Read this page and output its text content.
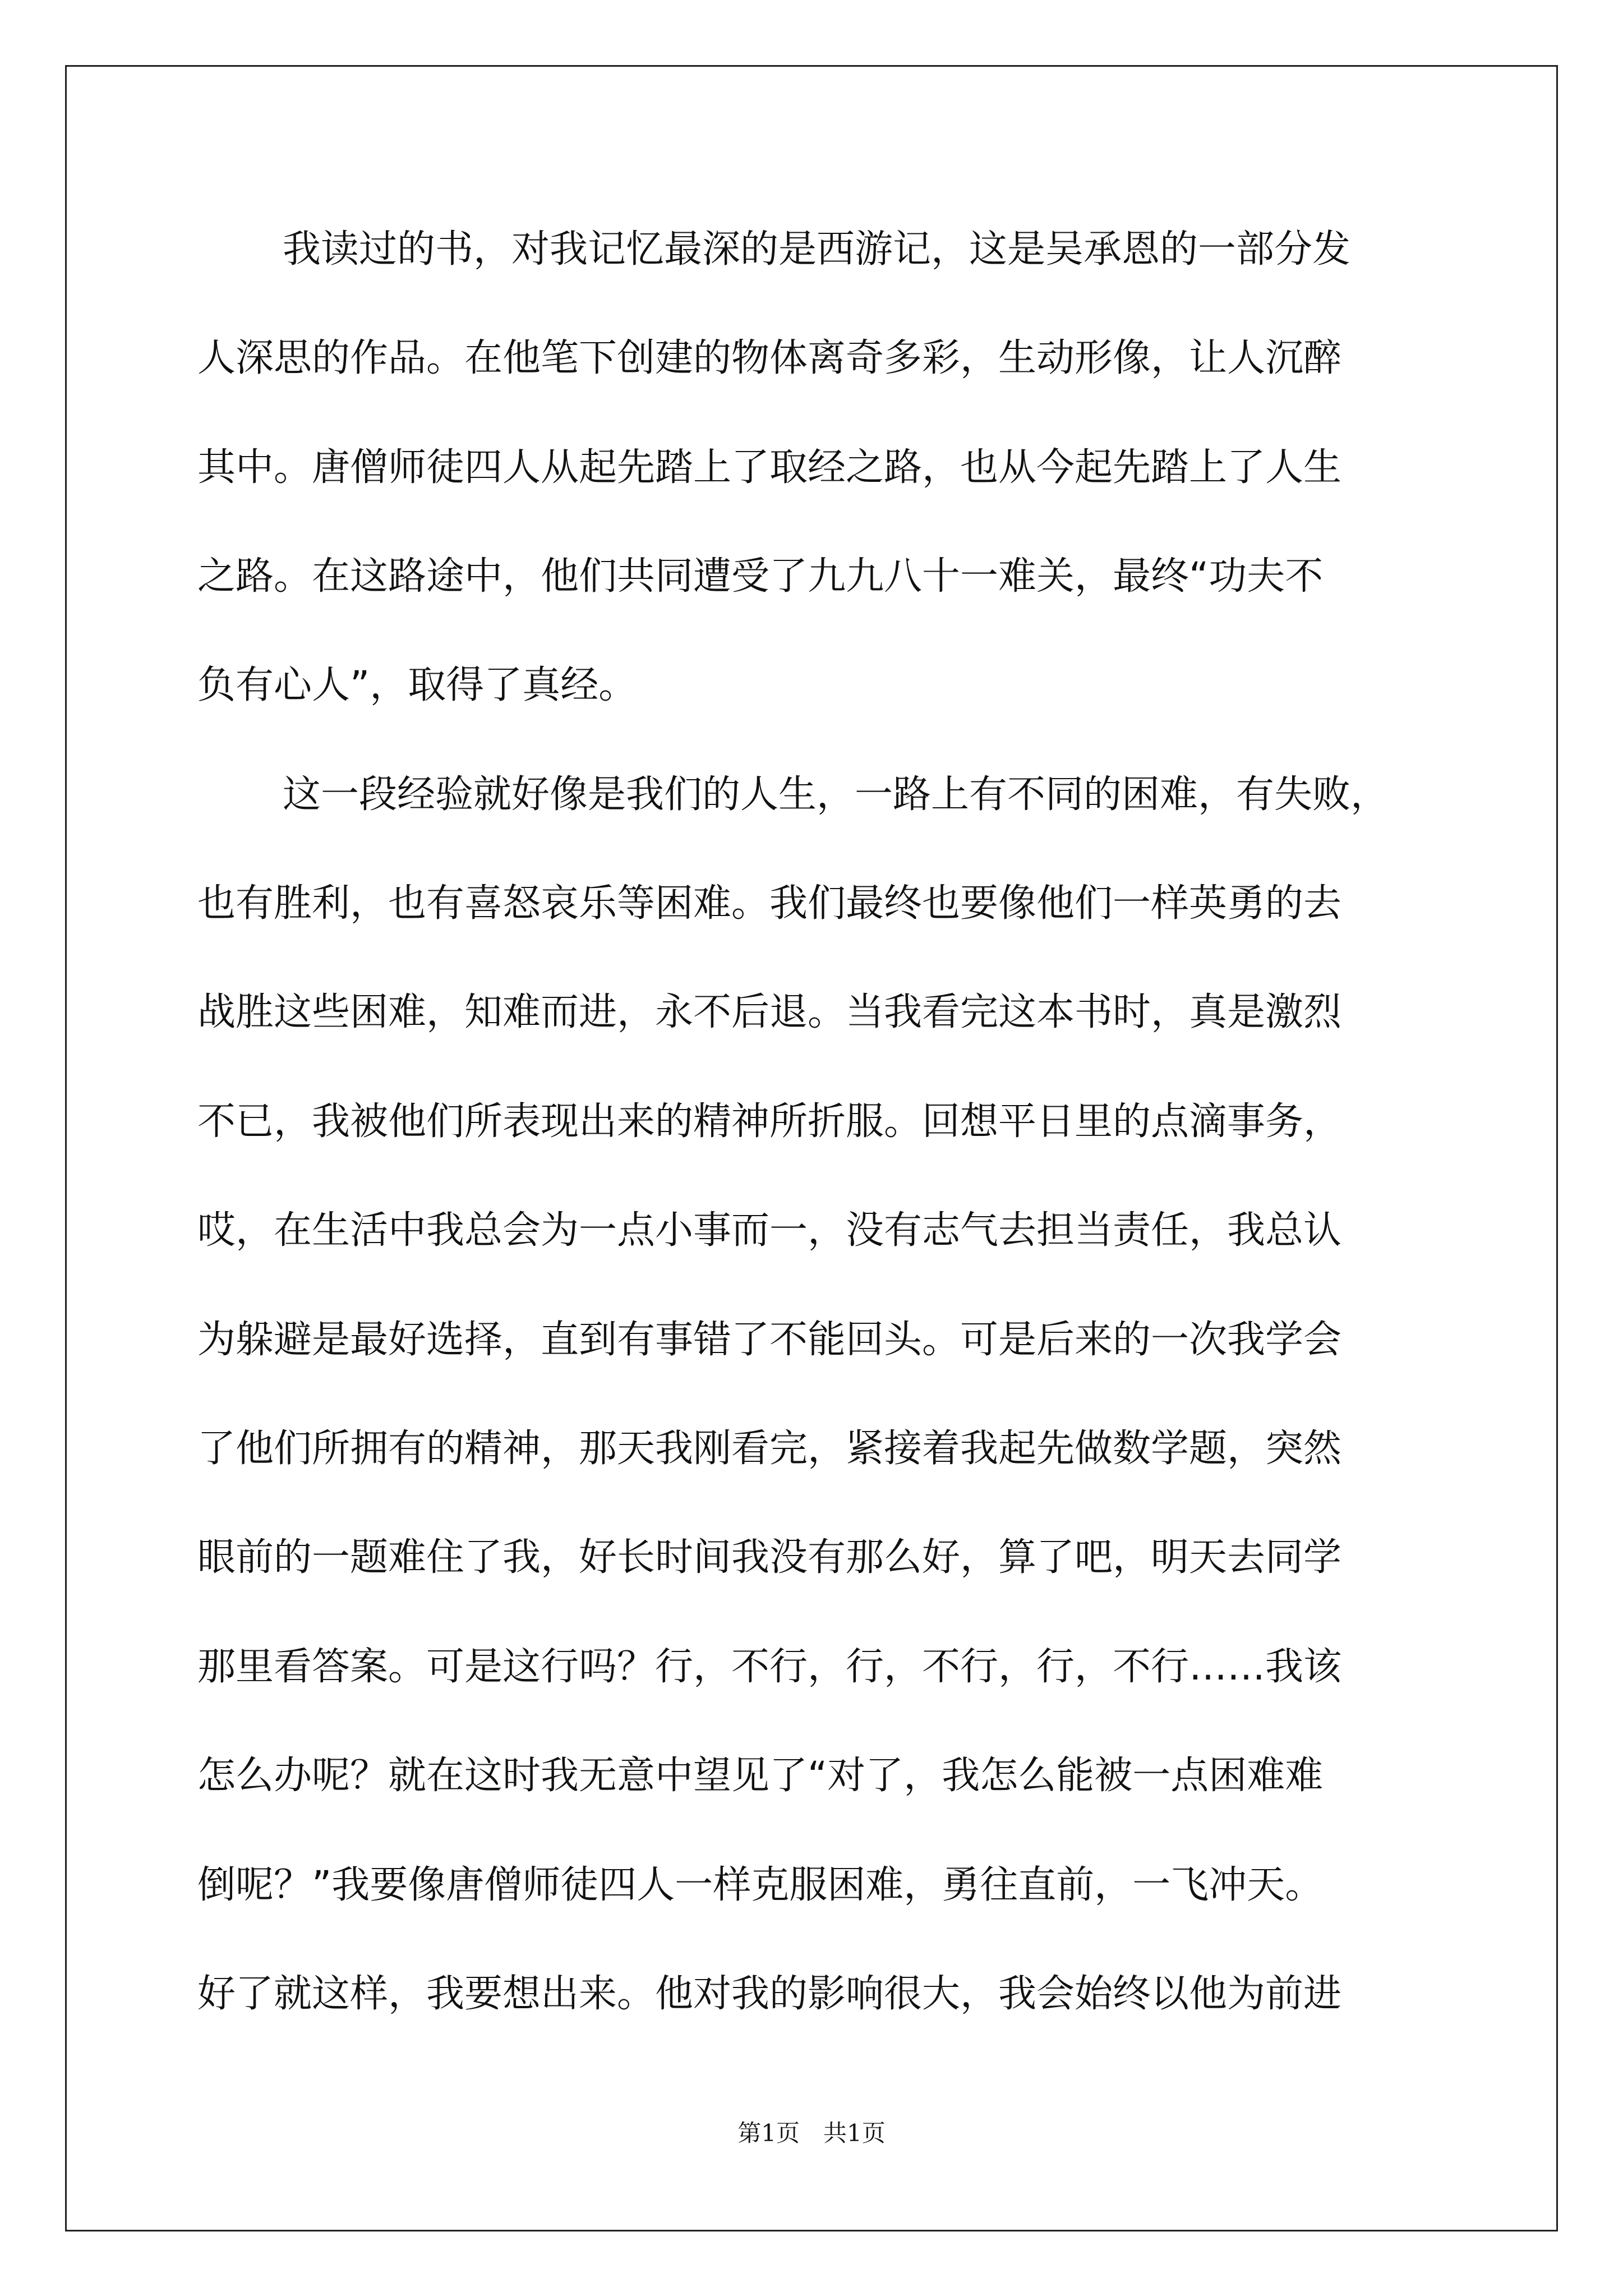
我读过的书，对我记忆最深的是西游记，这是吴承恩的一部分发
人深思的作品。在他笔下创建的物体离奇多彩，生动形像，让人沉醉
其中。唐僧师徒四人从起先踏上了取经之路，也从今起先踏上了人生
之路。在这路途中，他们共同遭受了九九八十一难关，最终“功夫不
负有心人”，取得了真经。
这一段经验就好像是我们的人生，一路上有不同的困难，有失败，
也有胜利，也有喜怒哀乐等困难。我们最终也要像他们一样英勇的去
战胜这些困难，知难而进，永不后退。当我看完这本书时，真是激烈
不已，我被他们所表现出来的精神所折服。回想平日里的点滴事务，
哎，在生活中我总会为一点小事而一，没有志气去担当责任，我总认
为躲避是最好选择，直到有事错了不能回头。可是后来的一次我学会
了他们所拥有的精神，那天我刚看完，紧接着我起先做数学题，突然
眼前的一题难住了我，好长时间我没有那么好，算了吧，明天去同学
那里看答案。可是这行吗？行，不行，行，不行，行，不行……我该
怎么办呢？就在这时我无意中望见了“对了，我怎么能被一点困难难
倒呢？”我要像唐僧师徒四人一样克服困难，勇往直前，一飞冲天。
好了就这样，我要想出来。他对我的影响很大，我会始终以他为前进
第1页　共1页
